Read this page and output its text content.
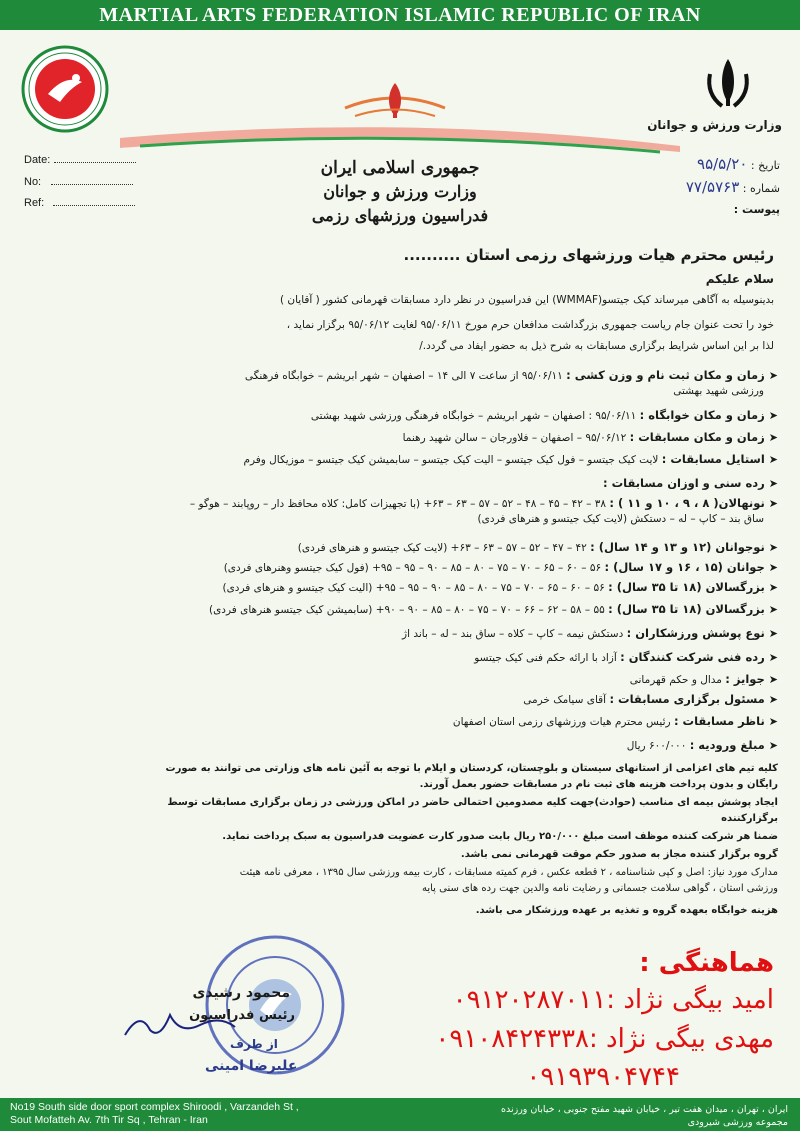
MARTIAL ARTS FEDERATION ISLAMIC REPUBLIC OF IRAN
وزارت ورزش و جوانان
Date:
No:
Ref:
تاریخ : ۹۵/۵/۲۰
شماره : ۷۷/۵۷۶۳
پیوست :
جمهوری اسلامی ایران
وزارت ورزش و جوانان
فدراسیون ورزشهای رزمی
رئیس محترم هیات ورزشهای رزمی استان ..........
سلام علیکم
بدینوسیله به آگاهی میرساند کیک جیتسو(WMMAF) این فدراسیون در نظر دارد مسابقات قهرمانی کشور ( آقایان )
خود را تحت عنوان جام ریاست جمهوری بزرگداشت مدافعان حرم مورخ ۹۵/۰۶/۱۱ لغایت ۹۵/۰۶/۱۲ برگزار نماید ،
لذا بر این اساس شرایط برگزاری مسابقات به شرح ذیل به حضور ایفاد می گردد./
➤زمان و مکان ثبت نام و وزن کشی : ۹۵/۰۶/۱۱ از ساعت ۷ الی ۱۴ – اصفهان – شهر ابریشم – خوابگاه فرهنگی
ورزشی شهید بهشتی
➤زمان و مکان خوابگاه : ۹۵/۰۶/۱۱ : اصفهان – شهر ابریشم – خوابگاه فرهنگی ورزشی شهید بهشتی
➤زمان و مکان مسابقات : ۹۵/۰۶/۱۲ – اصفهان – فلاورجان – سالن شهید رهنما
➤استایل مسابقات : لایت کیک جیتسو – فول کیک جیتسو – الیت کیک جیتسو – سابمیشن کیک جیتسو – موزیکال وفرم
➤رده سنی و اوزان مسابقات :
➤نونهالان( ۸ ، ۹ ، ۱۰ و ۱۱ ) : ۳۸ – ۴۲ – ۴۵ – ۴۸ – ۵۲ – ۵۷ – ۶۳ – ۶۳+ (با تجهیزات کامل: کلاه محافظ دار – روپابند – هوگو –
ساق بند – کاپ – له – دستکش (لایت کیک جیتسو و هنرهای فردی)
➤نوجوانان (۱۲ و ۱۳ و ۱۴ سال) : ۴۲ – ۴۷ – ۵۲ – ۵۷ – ۶۳ – ۶۳+ (لایت کیک جیتسو و هنرهای فردی)
➤جوانان (۱۵ ، ۱۶ و ۱۷ سال) : ۵۶ – ۶۰ – ۶۵ – ۷۰ – ۷۵ – ۸۰ – ۸۵ – ۹۰ – ۹۵ – ۹۵+ (فول کیک جیتسو وهنرهای فردی)
➤بزرگسالان (۱۸ تا ۳۵ سال) : ۵۶ – ۶۰ – ۶۵ – ۷۰ – ۷۵ – ۸۰ – ۸۵ – ۹۰ – ۹۵ – ۹۵+ (الیت کیک جیتسو و هنرهای فردی)
➤بزرگسالان (۱۸ تا ۳۵ سال) : ۵۵ – ۵۸ – ۶۲ – ۶۶ – ۷۰ – ۷۵ – ۸۰ – ۸۵ – ۹۰ – ۹۰+ (سابمیشن کیک جیتسو هنرهای فردی)
➤نوع پوشش ورزشکاران : دستکش نیمه – کاپ – کلاه – ساق بند – له – باند اژ
➤رده فنی شرکت کنندگان : آزاد با ارائه حکم فنی کیک جیتسو
➤جوایز : مدال و حکم قهرمانی
➤مسئول برگزاری مسابقات : آقای سیامک خرمی
➤ناظر مسابقات : رئیس محترم هیات ورزشهای رزمی استان اصفهان
➤مبلغ ورودیه : ۶۰۰/۰۰۰ ریال
کلیه تیم های اعزامی از استانهای سیستان و بلوچستان، کردستان و ایلام با توجه به آئین نامه های وزارتی می توانند به صورت
رایگان و بدون پرداخت هزینه های ثبت نام در مسابقات حضور بعمل آورند.
ایجاد پوشش بیمه ای مناسب (حوادث)جهت کلیه مصدومین احتمالی حاضر در اماکن ورزشی در زمان برگزاری مسابقات توسط
برگزارکننده
ضمنا هر شرکت کننده موظف است مبلغ ۲۵۰/۰۰۰ ریال بابت صدور کارت عضویت فدراسیون به سبک پرداخت نماید.
گروه برگزار کننده مجاز به صدور حکم موقت قهرمانی نمی باشد.
مدارک مورد نیاز: اصل و کپی شناسنامه ، ۲ قطعه عکس ، فرم کمیته مسابقات ، کارت بیمه ورزشی سال ۱۳۹۵ ، معرفی نامه هیئت
ورزشی استان ، گواهی سلامت جسمانی و رضایت نامه والدین جهت رده های سنی پایه
هزینه خوابگاه بعهده گروه و تغذیه بر عهده ورزشکار می باشد.
هماهنگی :
امید بیگی نژاد :۰۹۱۲۰۲۸۷۰۱۱
مهدی بیگی نژاد :۰۹۱۰۸۴۲۴۳۳۸
۰۹۱۹۳۹۰۴۷۴۴
محمود رشیدی
رئیس فدراسیون
از طرف
علیرضا امینی
No19 South side door sport complex Shiroodi , Varzandeh St ,
Sout Mofatteh Av. 7th Tir Sq , Tehran - Iran
ایران ، تهران ، میدان هفت تیر ، خیابان شهید مفتح جنوبی ، خیابان ورزنده
مجموعه ورزشی شیرودی
